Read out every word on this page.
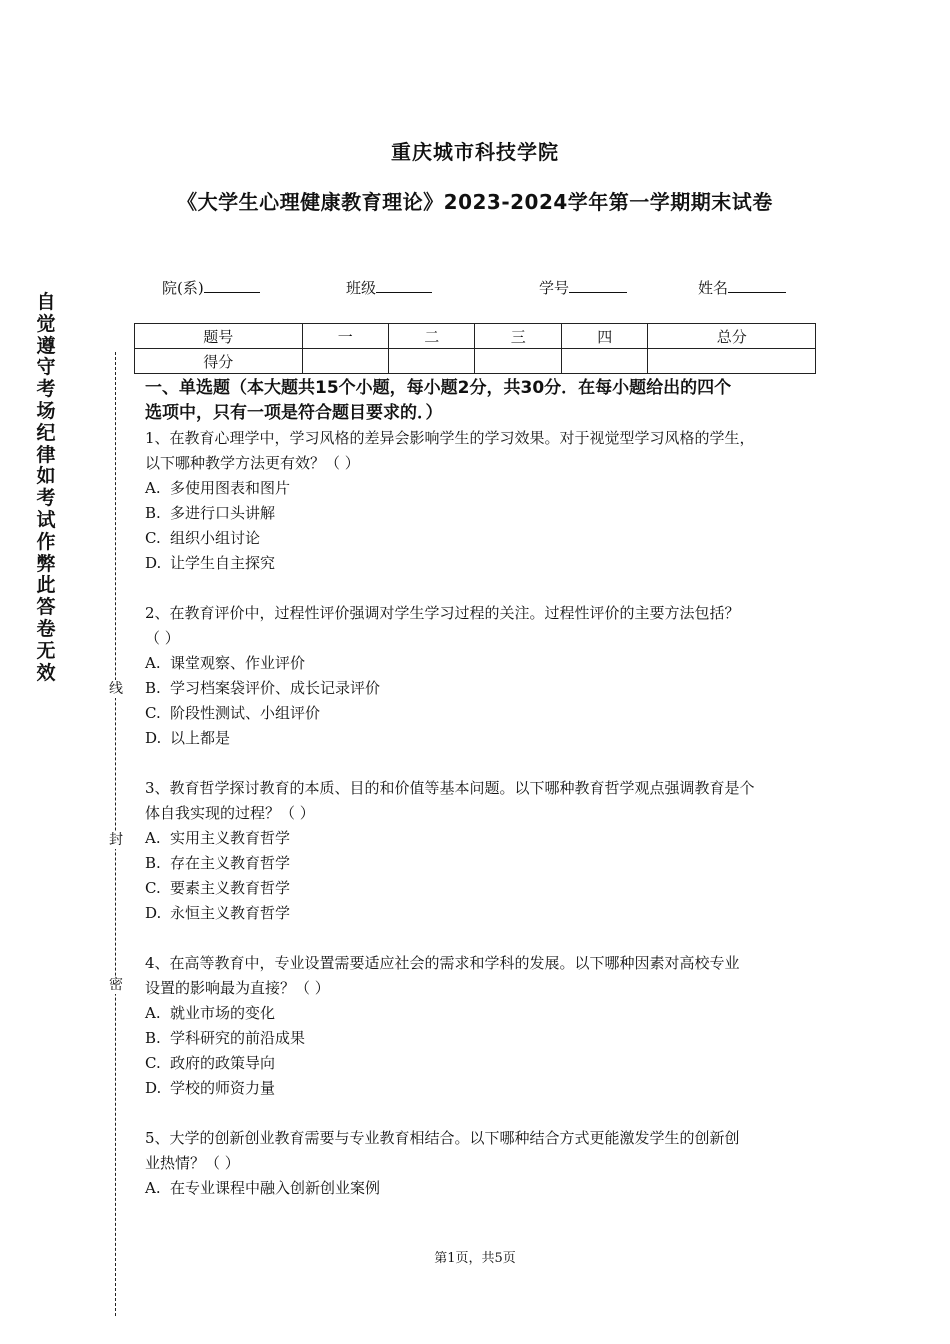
重庆城市科技学院
《大学生心理健康教育理论》2023-2024学年第一学期期末试卷
院(系)	班级	学号	姓名
题号	一	二	三	四	总分
得分					
自
觉
遵
守
考
场
纪
律
如
考
试
作
弊
此
答
卷
无
效
线
封
密
一、单选题（本大题共15个小题，每小题2分，共30分．在每小题给出的四个
选项中，只有一项是符合题目要求的．）
1、在教育心理学中，学习风格的差异会影响学生的学习效果。对于视觉型学习风格的学生，
以下哪种教学方法更有效？（ ）
A. 多使用图表和图片
B. 多进行口头讲解
C. 组织小组讨论
D. 让学生自主探究
2、在教育评价中，过程性评价强调对学生学习过程的关注。过程性评价的主要方法包括？
（ ）
A. 课堂观察、作业评价
B. 学习档案袋评价、成长记录评价
C. 阶段性测试、小组评价
D. 以上都是
3、教育哲学探讨教育的本质、目的和价值等基本问题。以下哪种教育哲学观点强调教育是个
体自我实现的过程？（ ）
A. 实用主义教育哲学
B. 存在主义教育哲学
C. 要素主义教育哲学
D. 永恒主义教育哲学
4、在高等教育中，专业设置需要适应社会的需求和学科的发展。以下哪种因素对高校专业
设置的影响最为直接？（ ）
A. 就业市场的变化
B. 学科研究的前沿成果
C. 政府的政策导向
D. 学校的师资力量
5、大学的创新创业教育需要与专业教育相结合。以下哪种结合方式更能激发学生的创新创
业热情？（ ）
A. 在专业课程中融入创新创业案例
第1页，共5页
